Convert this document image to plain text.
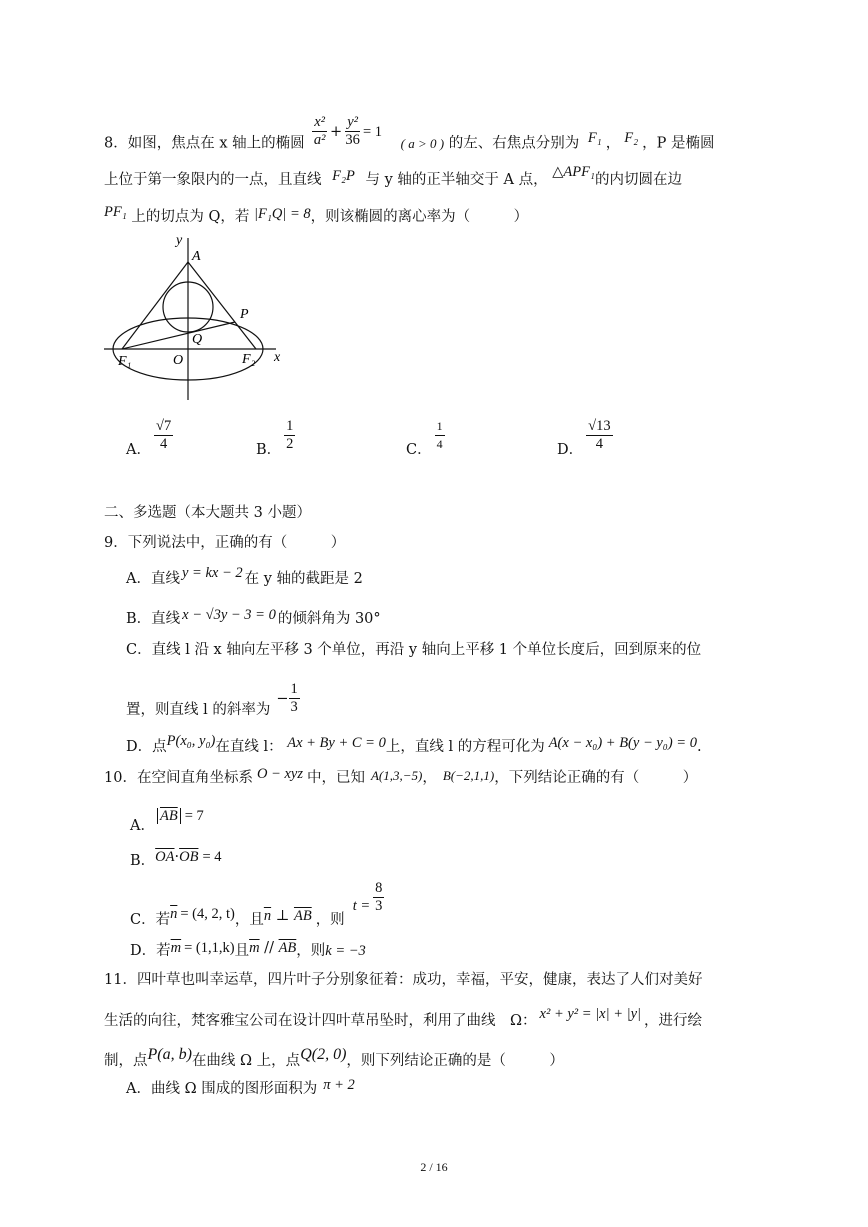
8．如图，焦点在 x 轴上的椭圆 $\frac{\text{x²}}{\text{a²}} + \frac{\text{y²}}{36} = 1$ ( a > 0 ) 的左、右焦点分别为 F₁ ， F₂ ，P 是椭圆
上位于第一象限内的一点，且直线 F₂P 与 y 轴的正半轴交于 A 点， △APF₁的内切圆在边
PF₁ 上的切点为 Q，若 |F₁Q| = 8，则该椭圆的离心率为（　　　）
y
A
P
Q
F₁	O	F₂ x
A． $\frac{√7}{4}$	B． $\frac{1}{2}$	C． $\frac{1}{4}$	D． $\frac{√13}{4}$
二、多选题（本大题共 3 小题）
9．下列说法中，正确的有（　　　）
A．直线 y = kx − 2 在 y 轴的截距是 2
B．直线 x − √3y − 3 = 0 的倾斜角为 30°
C．直线 l 沿 x 轴向左平移 3 个单位，再沿 y 轴向上平移 1 个单位长度后，回到原来的位
置，则直线 l 的斜率为− $\frac{1}{3}$
D．点P(x₀, y₀)在直线 l： Ax + By + C = 0上，直线 l 的方程可化为 A(x − x₀) + B(y − y₀) = 0.
10．在空间直角坐标系 O − xyz 中，已知 A(1,3,−5)， B(−2,1,1)，下列结论正确的有（　　　）
A．$\overline{AB} = 7$
B．$\overline{OA}\cdot\overline{OB} = 4$
C．若$\overline{n} = (4$, 2, t)，且$\overline{n}$ ⊥ $\overline{AB}$ ，则$t = \frac{8}{3}$
D．若$\overline{m} = (1,1,k)$且$\overline{m} // \overline{AB}$，则k = −3
11．四叶草也叫幸运草，四片叶子分别象征着：成功，幸福，平安，健康，表达了人们对美好
生活的向往，梵客雅宝公司在设计四叶草吊坠时，利用了曲线　Ω： x² + y² = |x| + |y| ，进行绘
制，点P(a, b)在曲线 Ω 上，点Q(2, 0)，则下列结论正确的是（　　　）
A．曲线 Ω 围成的图形面积为 π + 2
2 / 16
